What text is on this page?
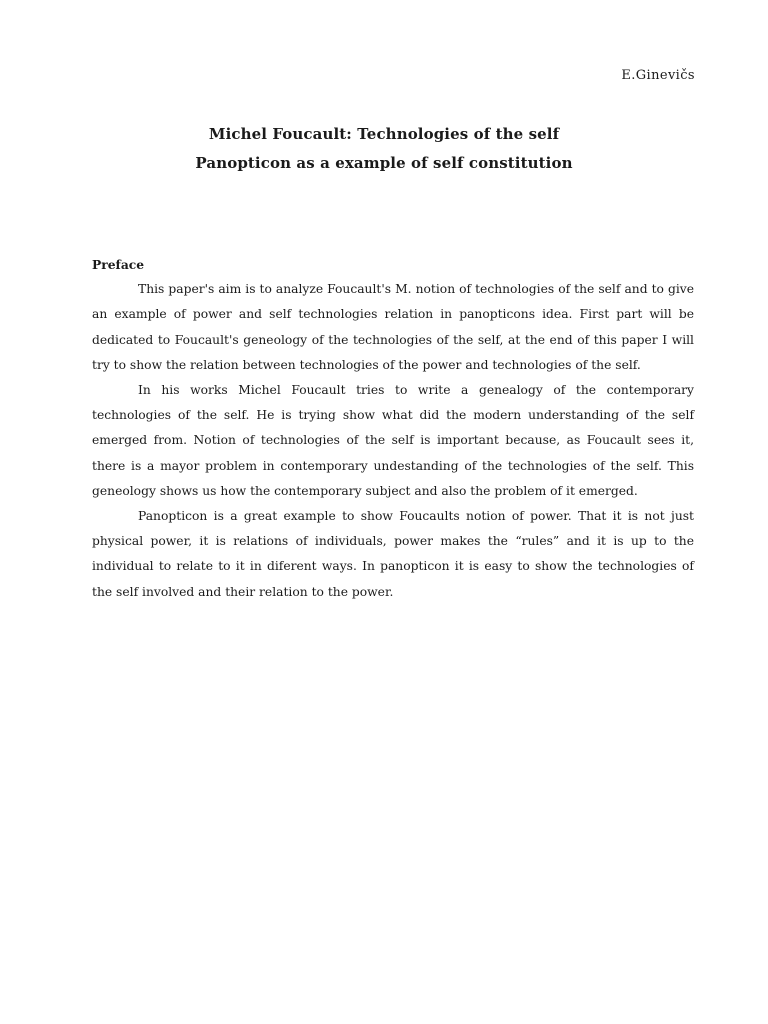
E.Ginevičs
Michel Foucault: Technologies of the self
Panopticon as a example of self constitution

Preface

This paper's aim is to analyze Foucault's M. notion of technologies of the self and to give an example of power and self technologies relation in panopticons idea. First part will be dedicated to Foucault's geneology of the technologies of the self, at the end of this paper I will try to show the relation between technologies of the power and technologies of the self.

In his works Michel Foucault tries to write a genealogy of the contemporary technologies of the self. He is trying show what did the modern understanding of the self emerged from. Notion of technologies of the self is important because, as Foucault sees it, there is a mayor problem in contemporary undestanding of the technologies of the self. This geneology shows us how the contemporary subject and also the problem of it emerged.

Panopticon is a great example to show Foucaults notion of power. That it is not just physical power, it is relations of individuals, power makes the “rules” and it is up to the individual to relate to it in diferent ways. In panopticon it is easy to show the technologies of the self involved and their relation to the power.
